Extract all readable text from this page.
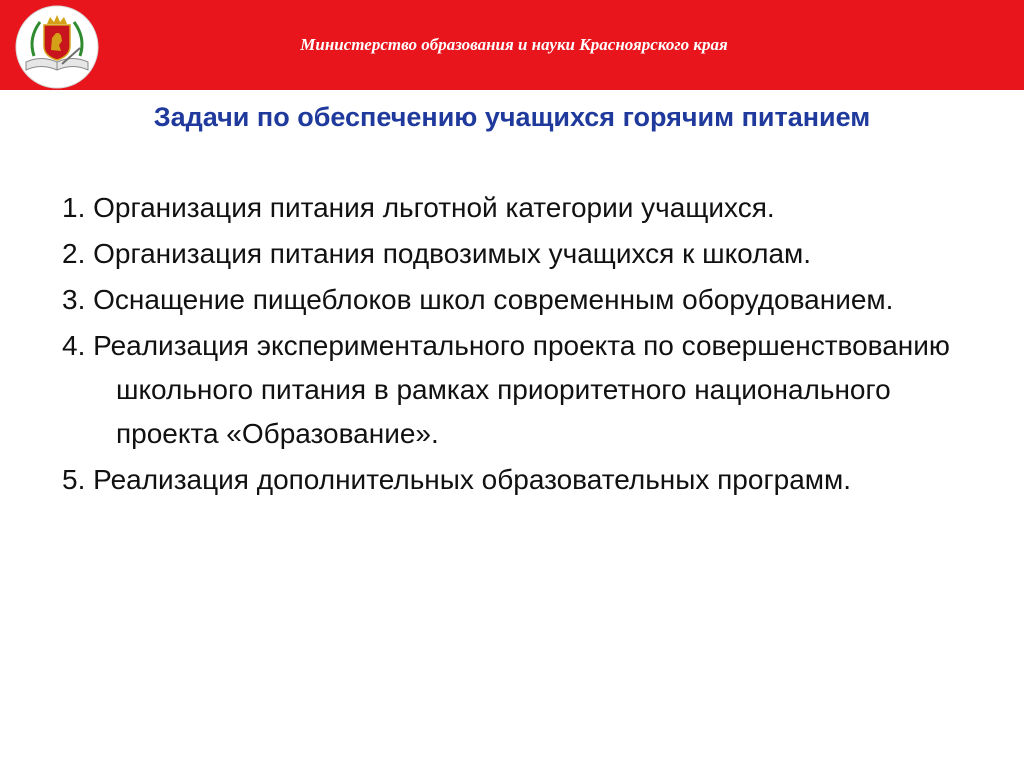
Министерство образования и науки Красноярского края
Задачи по обеспечению учащихся горячим питанием
1. Организация питания льготной категории учащихся.
2. Организация питания подвозимых учащихся к школам.
3. Оснащение пищеблоков школ современным оборудованием.
4. Реализация экспериментального проекта по совершенствованию школьного питания в рамках приоритетного национального проекта «Образование».
5. Реализация дополнительных образовательных программ.
